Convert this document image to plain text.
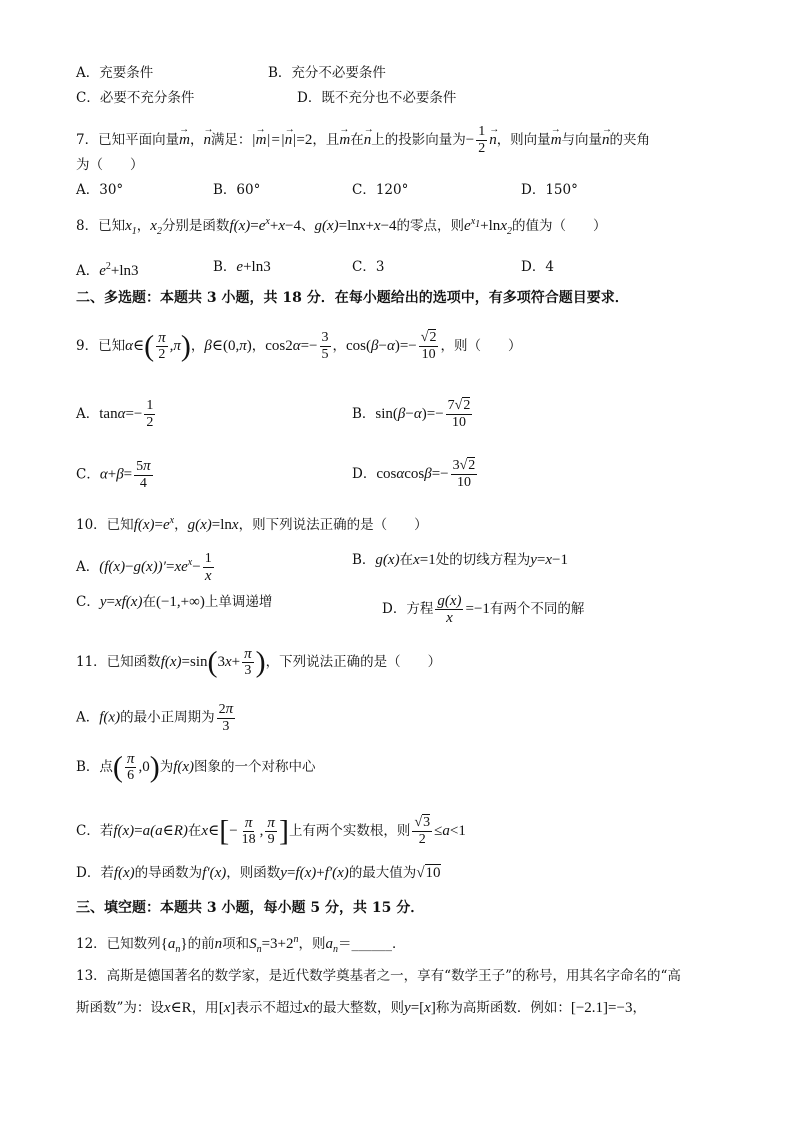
A．充要条件	B．充分不必要条件
C．必要不充分条件	D．既不充分也不必要条件
7．已知平面向量→ m，→ n满足：|→ m|=|→ n|=2，且→ m在→ n上的投影向量为− $\frac{1}{2}$
→ n，则向量→ m与向量→ n的夹角
为（　　）
A．30°	B．60°	C．120°	D．150°
8．已知$x_1$，$x_2$分别是函数$f(x)=e^x+x-4$、g(x)=lnx+x−4的零点，则$e^{x_1}+\ln x_2$的值为（　　）
A．$e^2+\ln 3$	B．e+ln3	C．3	D．4
二、多选题：本题共 3 小题，共 18 分．在每小题给出的选项中，有多项符合题目要求．
9．已知α∈( $\frac{\pi}{2} ,\pi$)，β∈(0,π)，$\cos 2\alpha=- \frac{3}{5}$ ，$\cos(\beta-\alpha)=- \frac{√2}{10}$ ，则（　　）
A．$\tan\alpha=- \frac{1}{2}$	B．$\sin(\beta-\alpha)=- \frac{7√2}{10}$
C．$\alpha+\beta= \frac{5\pi}{4}$	D．$\cos\alpha\cos\beta=- \frac{3√2}{10}$
10．已知$f(x)=e^x$，g(x)=lnx，则下列说法正确的是（　　）
A．$(f(x)-g(x))'=xe^x- \frac{1}{x}$	B．g(x)在x=1处的切线方程为y=x−1
C．y=xf(x)在(−1,+∞)上单调递增	D．方程 $\frac{g(x)}{x} =-1$有两个不同的解
11．已知函数$f(x)=\sin(3x+ \frac{\pi}{3}$ )，下列说法正确的是（　　）
A．f(x)的最小正周期为 $\frac{2\pi}{3}$
B．点( $\frac{\pi}{6} ,0$)为f(x)图象的一个对称中心
C．若f(x)=a(a∈R)在x∈[− $\frac{\pi}{18}$ , $\frac{\pi}{9}$ ]上有两个实数根，则 $\frac{√3}{2} \le a<1$
D．若f(x)的导函数为f′(x)，则函数y=f(x)+f′(x)的最大值为√10
三、填空题：本题共 3 小题，每小题 5 分，共 15 分．
12．已知数列$\{a_n\}$的前n项和$S_n=3+2^n$，则$a_n=\_\_\_\_\_\_$．
13．高斯是德国著名的数学家，是近代数学奠基者之一，享有“数学王子”的称号，用其名字命名的“高
斯函数”为：设x∈R，用[x]表示不超过x的最大整数，则y=[x]称为高斯函数．例如：[−2.1]=−3，
